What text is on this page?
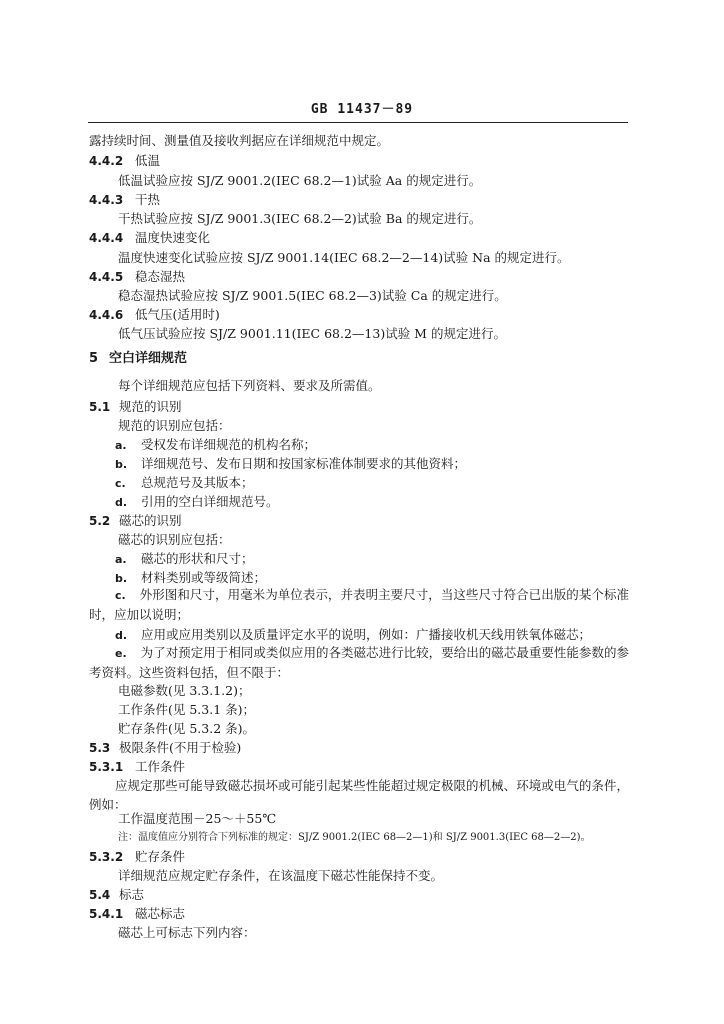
GB 11437－89
露持续时间、测量值及接收判据应在详细规范中规定。
4.4.2 低温
低温试验应按 SJ/Z 9001.2(IEC 68.2—1)试验 Aa 的规定进行。
4.4.3 干热
干热试验应按 SJ/Z 9001.3(IEC 68.2—2)试验 Ba 的规定进行。
4.4.4 温度快速变化
温度快速变化试验应按 SJ/Z 9001.14(IEC 68.2—2—14)试验 Na 的规定进行。
4.4.5 稳态湿热
稳态湿热试验应按 SJ/Z 9001.5(IEC 68.2—3)试验 Ca 的规定进行。
4.4.6 低气压(适用时)
低气压试验应按 SJ/Z 9001.11(IEC 68.2—13)试验 M 的规定进行。
5 空白详细规范
每个详细规范应包括下列资料、要求及所需值。
5.1 规范的识别
规范的识别应包括：
a. 受权发布详细规范的机构名称；
b. 详细规范号、发布日期和按国家标准体制要求的其他资料；
c. 总规范号及其版本；
d. 引用的空白详细规范号。
5.2 磁芯的识别
磁芯的识别应包括：
a. 磁芯的形状和尺寸；
b. 材料类别或等级简述；
c. 外形图和尺寸，用毫米为单位表示，并表明主要尺寸，当这些尺寸符合已出版的某个标准时，应加以说明；
d. 应用或应用类别以及质量评定水平的说明，例如：广播接收机天线用铁氧体磁芯；
e. 为了对预定用于相同或类似应用的各类磁芯进行比较，要给出的磁芯最重要性能参数的参考资料。这些资料包括，但不限于：
电磁参数(见 3.3.1.2)；
工作条件(见 5.3.1 条)；
贮存条件(见 5.3.2 条)。
5.3 极限条件(不用于检验)
5.3.1 工作条件
应规定那些可能导致磁芯损坏或可能引起某些性能超过规定极限的机械、环境或电气的条件，例如：
工作温度范围－25～＋55℃
注：温度值应分别符合下列标准的规定：SJ/Z 9001.2(IEC 68—2—1)和 SJ/Z 9001.3(IEC 68—2—2)。
5.3.2 贮存条件
详细规范应规定贮存条件，在该温度下磁芯性能保持不变。
5.4 标志
5.4.1 磁芯标志
磁芯上可标志下列内容：
